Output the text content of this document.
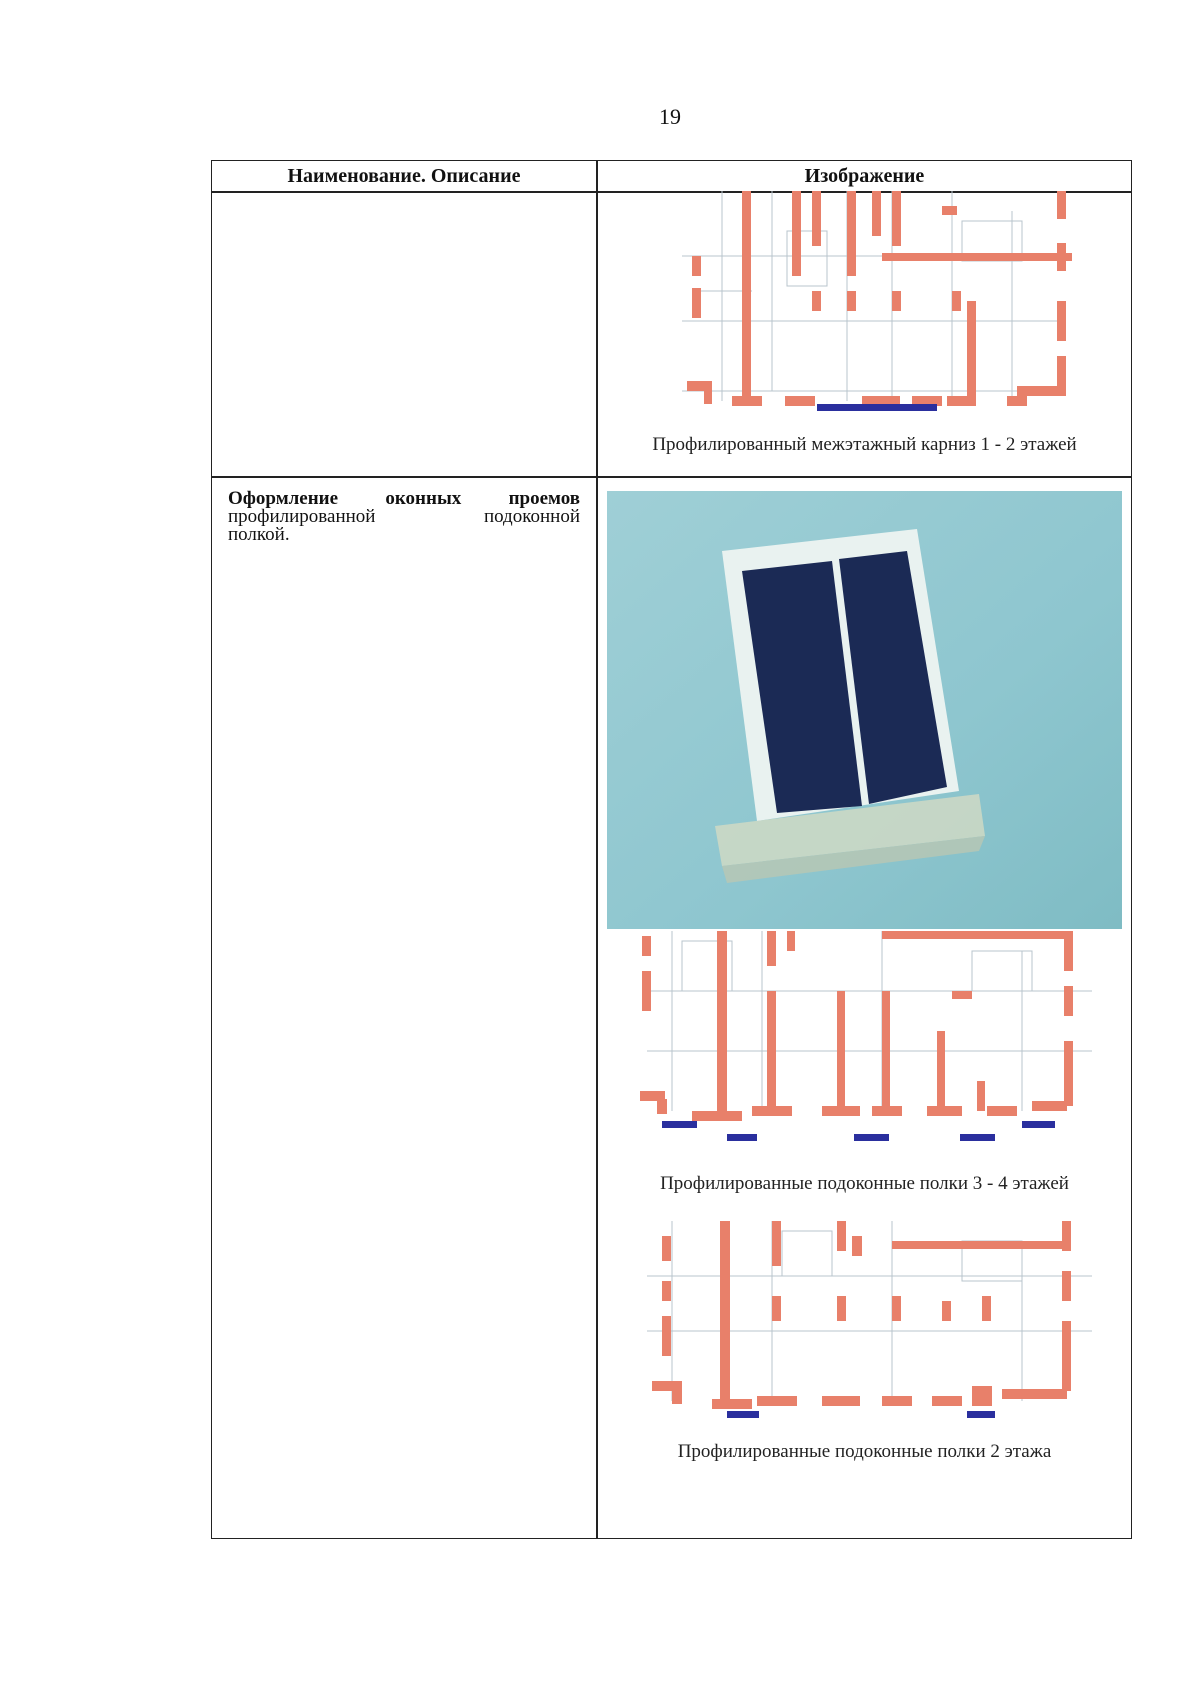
19
Наименование. Описание	Изображение
Профилированный межэтажный карниз 1 - 2 этажей
Оформление оконных проемов
профилированной подоконной
полкой.
Профилированные подоконные полки 3 - 4 этажей
Профилированные подоконные полки 2 этажа
